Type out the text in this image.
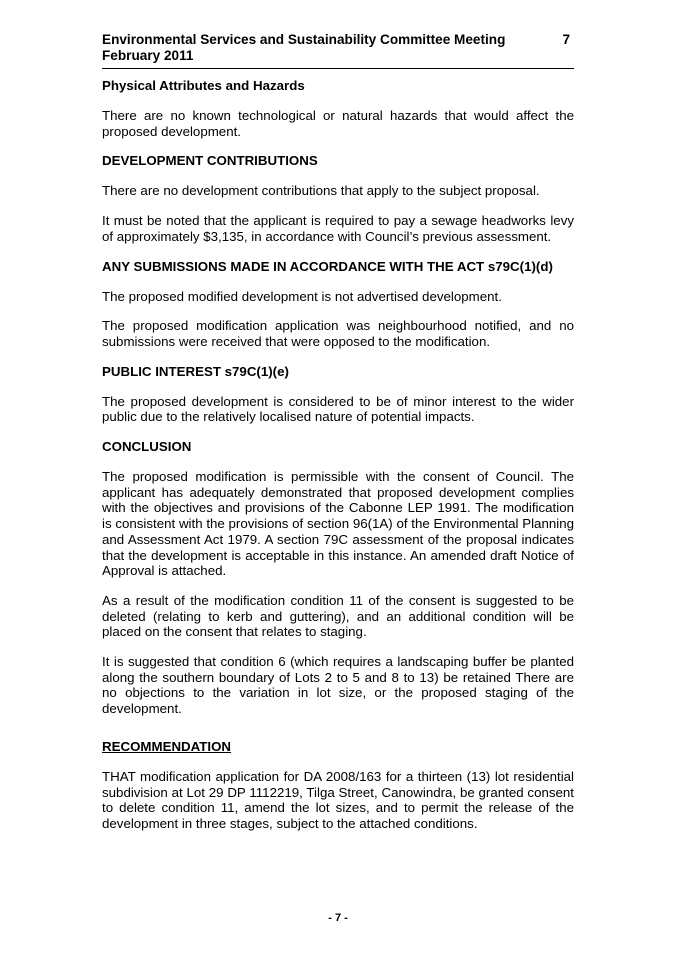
Environmental Services and Sustainability Committee Meeting
February 2011
7
Physical Attributes and Hazards

There are no known technological or natural hazards that would affect the proposed development.

DEVELOPMENT CONTRIBUTIONS

There are no development contributions that apply to the subject proposal.

It must be noted that the applicant is required to pay a sewage headworks levy of approximately $3,135, in accordance with Council’s previous assessment.

ANY SUBMISSIONS MADE IN ACCORDANCE WITH THE ACT s79C(1)(d)

The proposed modified development is not advertised development.

The proposed modification application was neighbourhood notified, and no submissions were received that were opposed to the modification.

PUBLIC INTEREST s79C(1)(e)

The proposed development is considered to be of minor interest to the wider public due to the relatively localised nature of potential impacts.

CONCLUSION

The proposed modification is permissible with the consent of Council. The applicant has adequately demonstrated that proposed development complies with the objectives and provisions of the Cabonne LEP 1991. The modification is consistent with the provisions of section 96(1A) of the Environmental Planning and Assessment Act 1979. A section 79C assessment of the proposal indicates that the development is acceptable in this instance. An amended draft Notice of Approval is attached.

As a result of the modification condition 11 of the consent is suggested to be deleted (relating to kerb and guttering), and an additional condition will be placed on the consent that relates to staging.

It is suggested that condition 6 (which requires a landscaping buffer be planted along the southern boundary of Lots 2 to 5 and 8 to 13) be retained There are no objections to the variation in lot size, or the proposed staging of the development.

RECOMMENDATION

THAT modification application for DA 2008/163 for a thirteen (13) lot residential subdivision at Lot 29 DP 1112219, Tilga Street, Canowindra, be granted consent to delete condition 11, amend the lot sizes, and to permit the release of the development in three stages, subject to the attached conditions.

- 7 -
